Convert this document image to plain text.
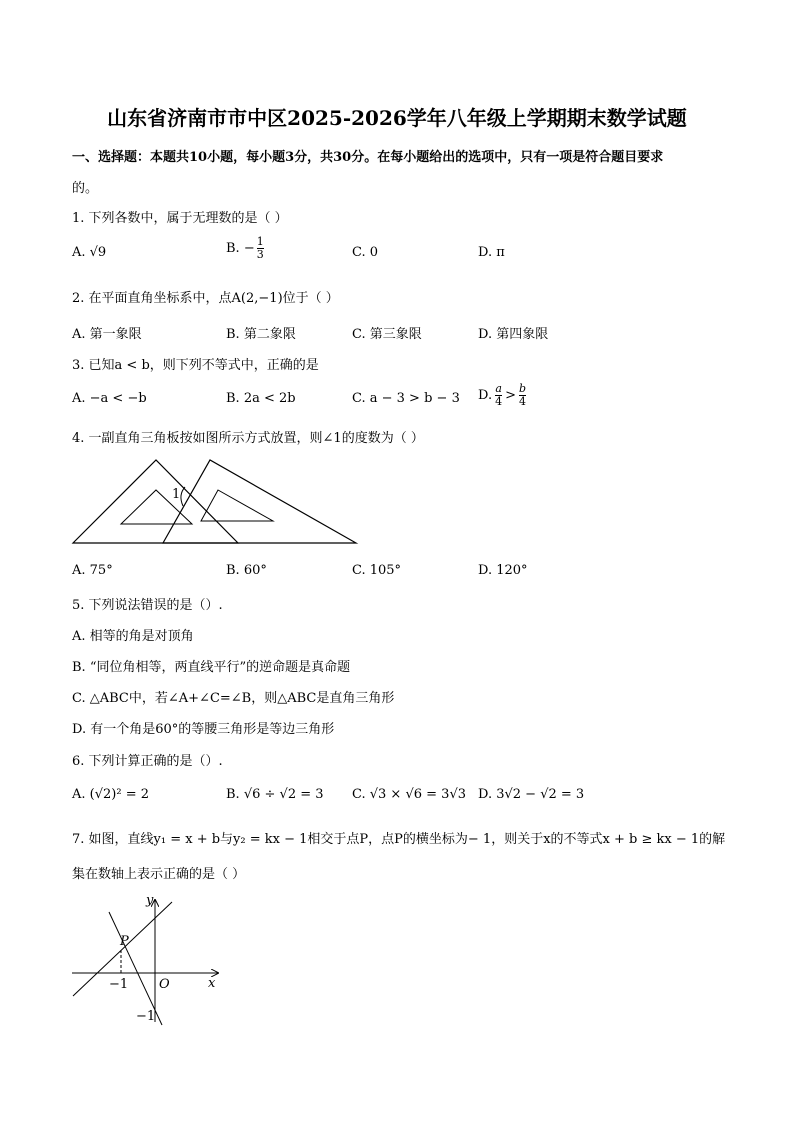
山东省济南市市中区2025-2026学年八年级上学期期末数学试题
一、选择题：本题共10小题，每小题3分，共30分。在每小题给出的选项中，只有一项是符合题目要求
的。
1. 下列各数中，属于无理数的是（ ）
A. √9	B. − $\frac{1}{3}$	C. 0	D. π
2. 在平面直角坐标系中，点A(2,−1)位于（ ）
A. 第一象限	B. 第二象限	C. 第三象限	D. 第四象限
3. 已知a < b，则下列不等式中，正确的是
A. −a < −b	B. 2a < 2b	C. a − 3 > b − 3 D. $\frac{a}{4} > \frac{b}{4}$
4. 一副直角三角板按如图所示方式放置，则∠1的度数为（ ）
1
A. 75°	B. 60°	C. 105°	D. 120°
5. 下列说法错误的是（）.
A. 相等的角是对顶角
B. “同位角相等，两直线平行”的逆命题是真命题
C. △ABC中，若∠A+∠C=∠B，则△ABC是直角三角形
D. 有一个角是60°的等腰三角形是等边三角形
6. 下列计算正确的是（）.
A. (√2)² = 2	B. √6 ÷ √2 = 3 C. √3 × √6 = 3√3 D. 3√2 − √2 = 3
7. 如图，直线y₁ = x + b与y₂ = kx − 1相交于点P，点P的横坐标为− 1，则关于x的不等式x + b ≥ kx − 1的解
集在数轴上表示正确的是（ ）
y
x
P
O
−1
−1
